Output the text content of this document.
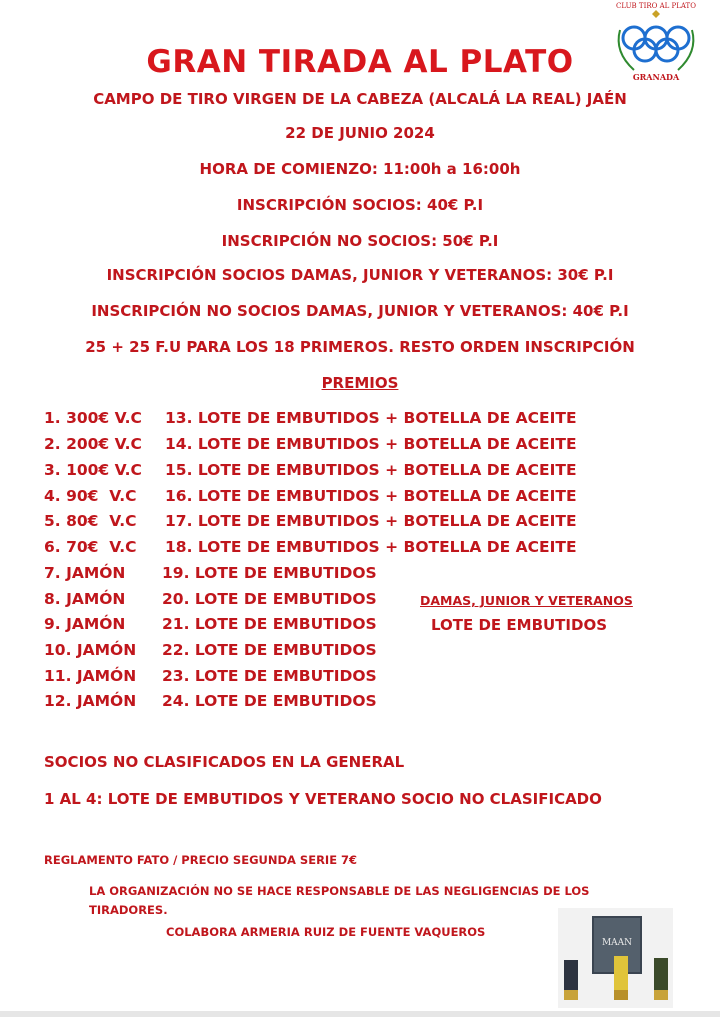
CLUB TIRO AL PLATO
GRANADA
GRAN TIRADA AL PLATO
CAMPO DE TIRO VIRGEN DE LA CABEZA (ALCALÁ LA REAL) JAÉN
22 DE JUNIO 2024
HORA DE COMIENZO: 11:00h a 16:00h
INSCRIPCIÓN SOCIOS: 40€ P.I
INSCRIPCIÓN NO SOCIOS: 50€ P.I
INSCRIPCIÓN SOCIOS DAMAS, JUNIOR Y VETERANOS: 30€ P.I
INSCRIPCIÓN NO SOCIOS DAMAS, JUNIOR Y VETERANOS: 40€ P.I
25 + 25 F.U PARA LOS 18 PRIMEROS. RESTO ORDEN INSCRIPCIÓN
PREMIOS
1. 300€ V.C
2. 200€ V.C
3. 100€ V.C
4. 90€  V.C
5. 80€  V.C
6. 70€  V.C
7. JAMÓN
8. JAMÓN
9. JAMÓN
10. JAMÓN
11. JAMÓN
12. JAMÓN
13. LOTE DE EMBUTIDOS + BOTELLA DE ACEITE
14. LOTE DE EMBUTIDOS + BOTELLA DE ACEITE
15. LOTE DE EMBUTIDOS + BOTELLA DE ACEITE
16. LOTE DE EMBUTIDOS + BOTELLA DE ACEITE
17. LOTE DE EMBUTIDOS + BOTELLA DE ACEITE
18. LOTE DE EMBUTIDOS + BOTELLA DE ACEITE
19. LOTE DE EMBUTIDOS
20. LOTE DE EMBUTIDOS
21. LOTE DE EMBUTIDOS
22. LOTE DE EMBUTIDOS
23. LOTE DE EMBUTIDOS
24. LOTE DE EMBUTIDOS
DAMAS, JUNIOR Y VETERANOS
LOTE DE EMBUTIDOS
SOCIOS NO CLASIFICADOS EN LA GENERAL
1 AL 4: LOTE DE EMBUTIDOS Y VETERANO SOCIO NO CLASIFICADO
REGLAMENTO FATO / PRECIO SEGUNDA SERIE 7€
LA ORGANIZACIÓN NO SE HACE RESPONSABLE DE LAS NEGLIGENCIAS DE LOS
TIRADORES.
COLABORA ARMERIA RUIZ DE FUENTE VAQUEROS
MAAN
